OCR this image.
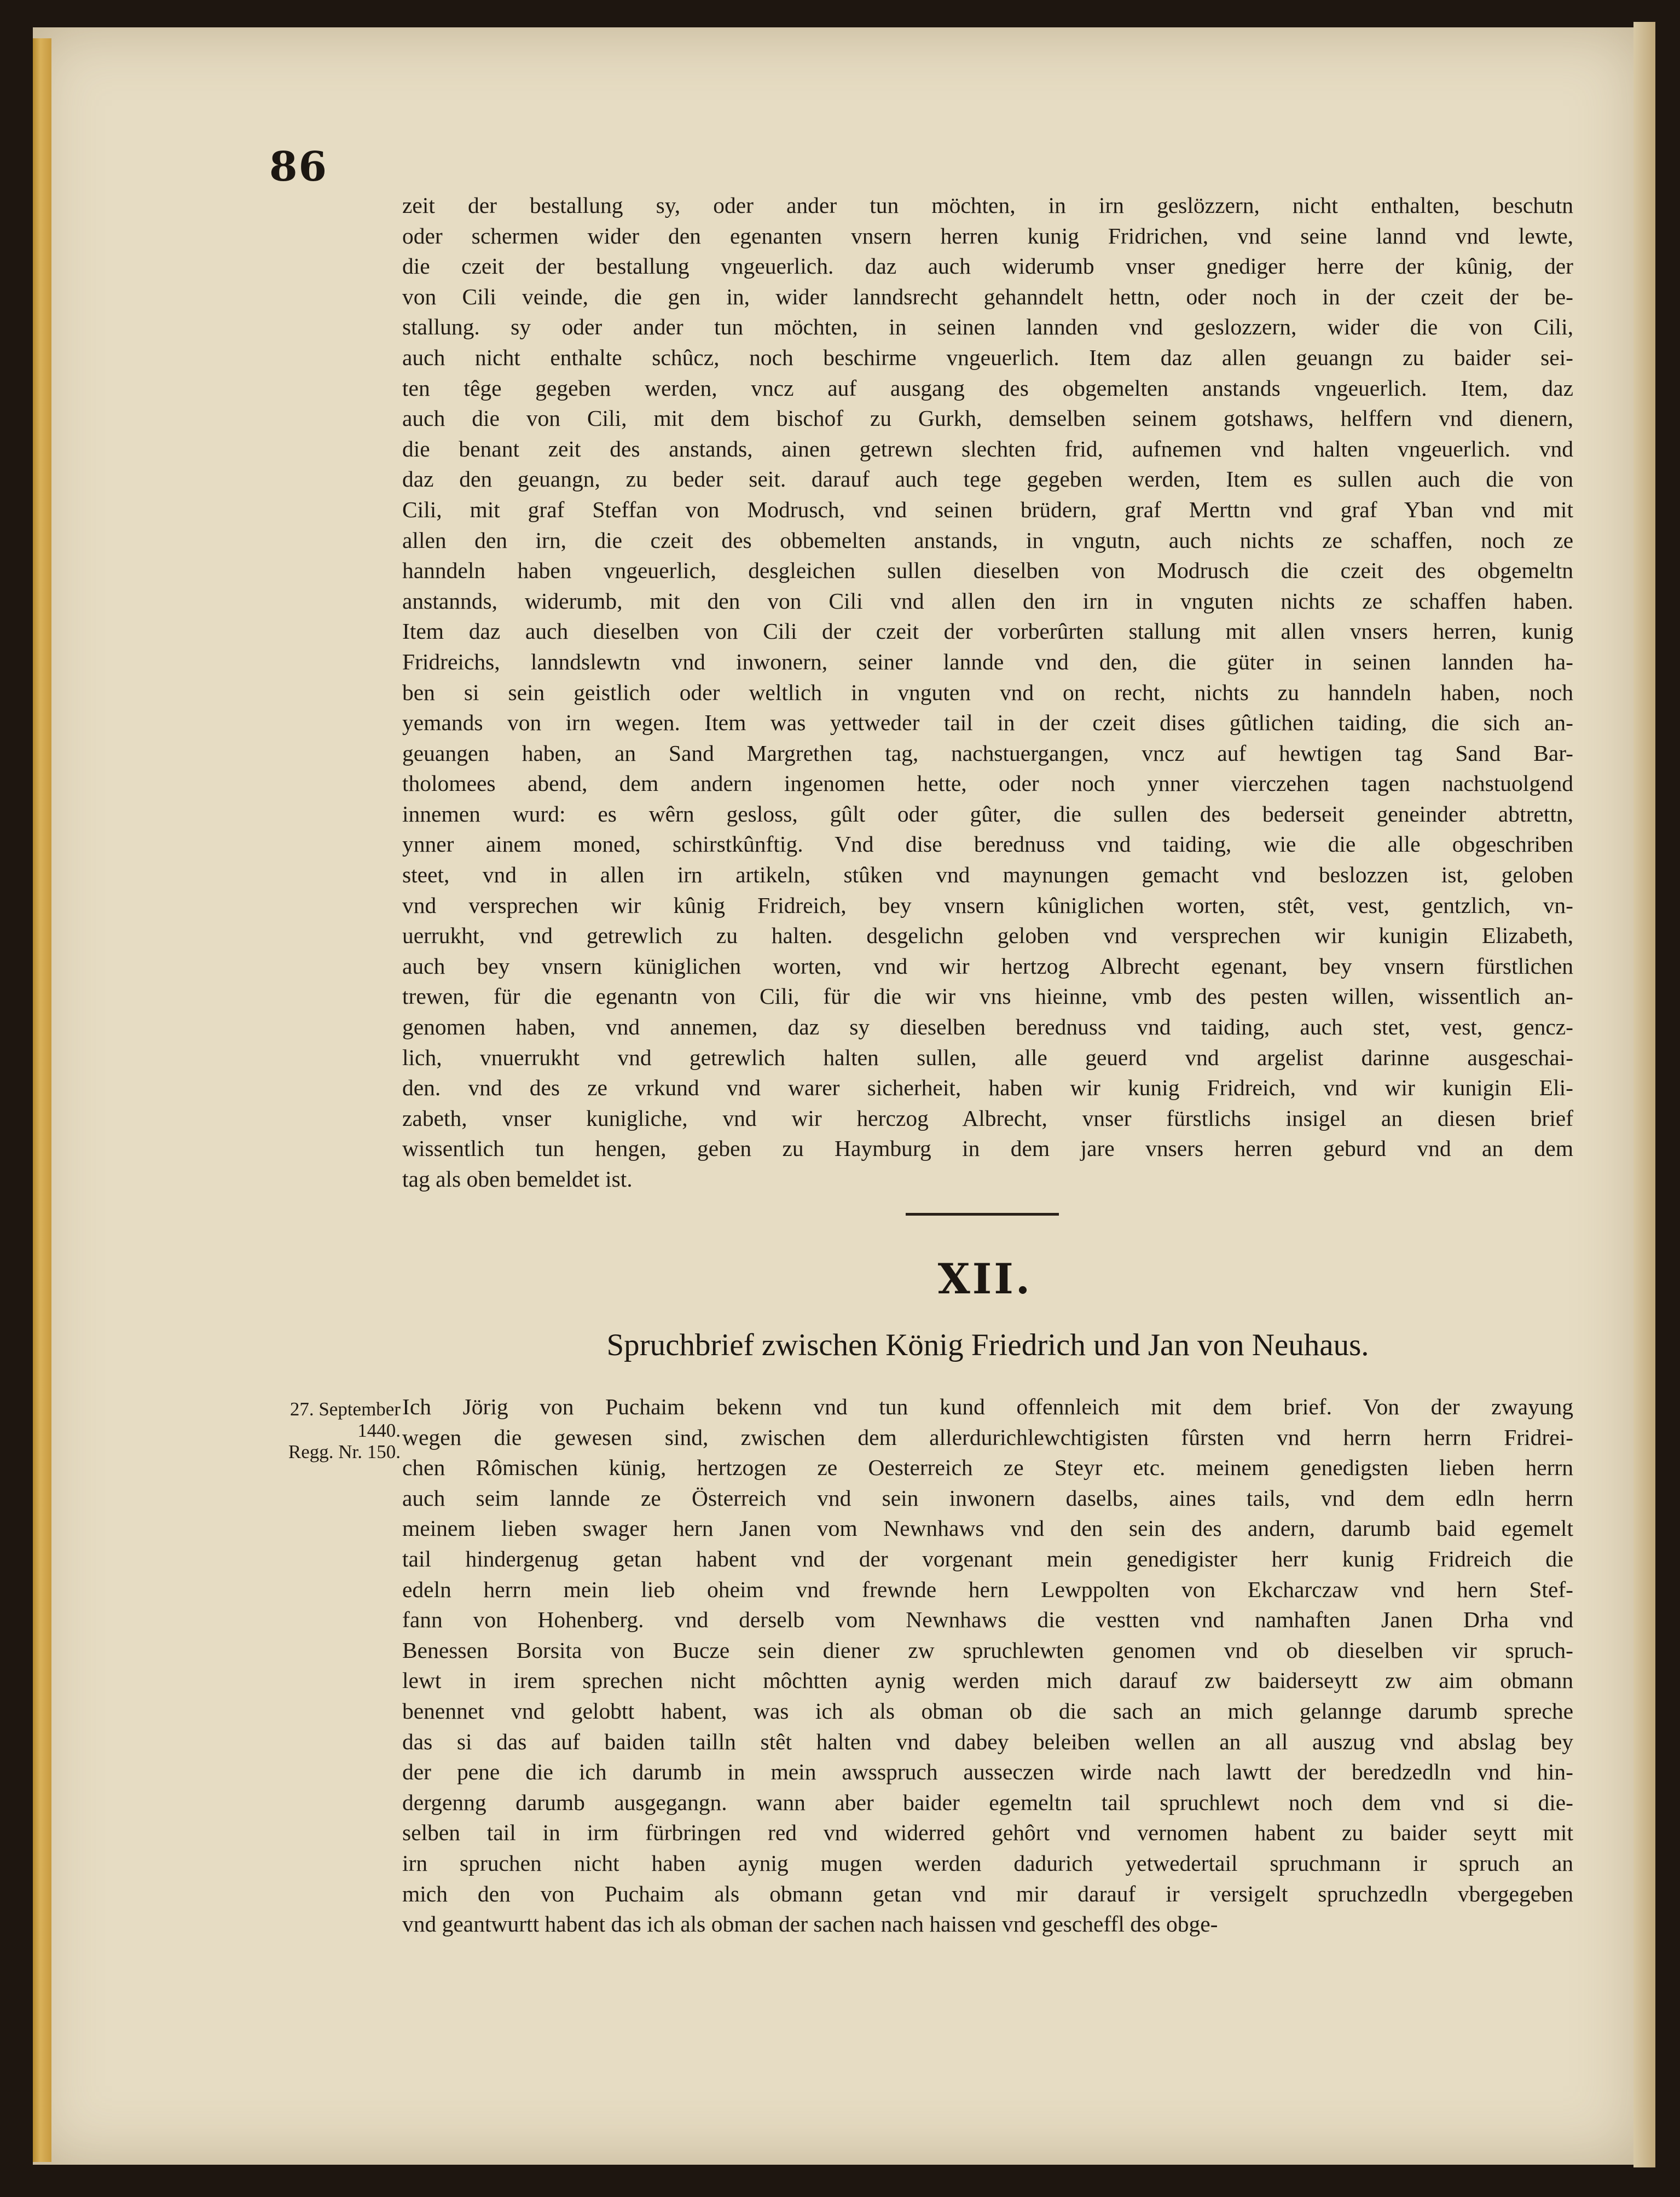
86
zeit der bestallung sy, oder ander tun möchten, in irn geslözzern, nicht enthalten, beschutn
oder schermen wider den egenanten vnsern herren kunig Fridrichen, vnd seine lannd vnd lewte,
die czeit der bestallung vngeuerlich. daz auch widerumb vnser gnediger herre der kûnig, der
von Cili veinde, die gen in, wider lanndsrecht gehanndelt hettn, oder noch in der czeit der be-
stallung. sy oder ander tun möchten, in seinen lannden vnd geslozzern, wider die von Cili,
auch nicht enthalte schûcz, noch beschirme vngeuerlich. Item daz allen geuangn zu baider sei-
ten têge gegeben werden, vncz auf ausgang des obgemelten anstands vngeuerlich. Item, daz
auch die von Cili, mit dem bischof zu Gurkh, demselben seinem gotshaws, helffern vnd dienern,
die benant zeit des anstands, ainen getrewn slechten frid, aufnemen vnd halten vngeuerlich. vnd
daz den geuangn, zu beder seit. darauf auch tege gegeben werden, Item es sullen auch die von
Cili, mit graf Steffan von Modrusch, vnd seinen brüdern, graf Merttn vnd graf Yban vnd mit
allen den irn, die czeit des obbemelten anstands, in vngutn, auch nichts ze schaffen, noch ze
hanndeln haben vngeuerlich, desgleichen sullen dieselben von Modrusch die czeit des obgemeltn
anstannds, widerumb, mit den von Cili vnd allen den irn in vnguten nichts ze schaffen haben.
Item daz auch dieselben von Cili der czeit der vorberûrten stallung mit allen vnsers herren, kunig
Fridreichs, lanndslewtn vnd inwonern, seiner lannde vnd den, die güter in seinen lannden ha-
ben si sein geistlich oder weltlich in vnguten vnd on recht, nichts zu hanndeln haben, noch
yemands von irn wegen. Item was yettweder tail in der czeit dises gûtlichen taiding, die sich an-
geuangen haben, an Sand Margrethen tag, nachstuergangen, vncz auf hewtigen tag Sand Bar-
tholomees abend, dem andern ingenomen hette, oder noch ynner vierczehen tagen nachstuolgend
innemen wurd: es wêrn gesloss, gûlt oder gûter, die sullen des bederseit geneinder abtrettn,
ynner ainem moned, schirstkûnftig. Vnd dise berednuss vnd taiding, wie die alle obgeschriben
steet, vnd in allen irn artikeln, stûken vnd maynungen gemacht vnd beslozzen ist, geloben
vnd versprechen wir kûnig Fridreich, bey vnsern kûniglichen worten, stêt, vest, gentzlich, vn-
uerrukht, vnd getrewlich zu halten. desgelichn geloben vnd versprechen wir kunigin Elizabeth,
auch bey vnsern küniglichen worten, vnd wir hertzog Albrecht egenant, bey vnsern fürstlichen
trewen, für die egenantn von Cili, für die wir vns hieinne, vmb des pesten willen, wissentlich an-
genomen haben, vnd annemen, daz sy dieselben berednuss vnd taiding, auch stet, vest, gencz-
lich, vnuerrukht vnd getrewlich halten sullen, alle geuerd vnd argelist darinne ausgeschai-
den. vnd des ze vrkund vnd warer sicherheit, haben wir kunig Fridreich, vnd wir kunigin Eli-
zabeth, vnser kunigliche, vnd wir herczog Albrecht, vnser fürstlichs insigel an diesen brief
wissentlich tun hengen, geben zu Haymburg in dem jare vnsers herren geburd vnd an dem
tag als oben bemeldet ist.
XII.
Spruchbrief zwischen König Friedrich und Jan von Neuhaus.
27. September
1440.
Regg. Nr. 150.
Ich Jörig von Puchaim bekenn vnd tun kund offennleich mit dem brief. Von der zwayung
wegen die gewesen sind, zwischen dem allerdurichlewchtigisten fûrsten vnd herrn herrn Fridrei-
chen Rômischen künig, hertzogen ze Oesterreich ze Steyr etc. meinem genedigsten lieben herrn
auch seim lannde ze Österreich vnd sein inwonern daselbs, aines tails, vnd dem edln herrn
meinem lieben swager hern Janen vom Newnhaws vnd den sein des andern, darumb baid egemelt
tail hindergenug getan habent vnd der vorgenant mein genedigister herr kunig Fridreich die
edeln herrn mein lieb oheim vnd frewnde hern Lewppolten von Ekcharczaw vnd hern Stef-
fann von Hohenberg. vnd derselb vom Newnhaws die vestten vnd namhaften Janen Drha vnd
Benessen Borsita von Bucze sein diener zw spruchlewten genomen vnd ob dieselben vir spruch-
lewt in irem sprechen nicht môchtten aynig werden mich darauf zw baiderseytt zw aim obmann
benennet vnd gelobtt habent, was ich als obman ob die sach an mich gelannge darumb spreche
das si das auf baiden tailln stêt halten vnd dabey beleiben wellen an all auszug vnd abslag bey
der pene die ich darumb in mein awsspruch ausseczen wirde nach lawtt der beredzedln vnd hin-
dergenng darumb ausgegangn. wann aber baider egemeltn tail spruchlewt noch dem vnd si die-
selben tail in irm fürbringen red vnd widerred gehôrt vnd vernomen habent zu baider seytt mit
irn spruchen nicht haben aynig mugen werden dadurich yetwedertail spruchmann ir spruch an
mich den von Puchaim als obmann getan vnd mir darauf ir versigelt spruchzedln vbergegeben
vnd geantwurtt habent das ich als obman der sachen nach haissen vnd gescheffl des obge-
